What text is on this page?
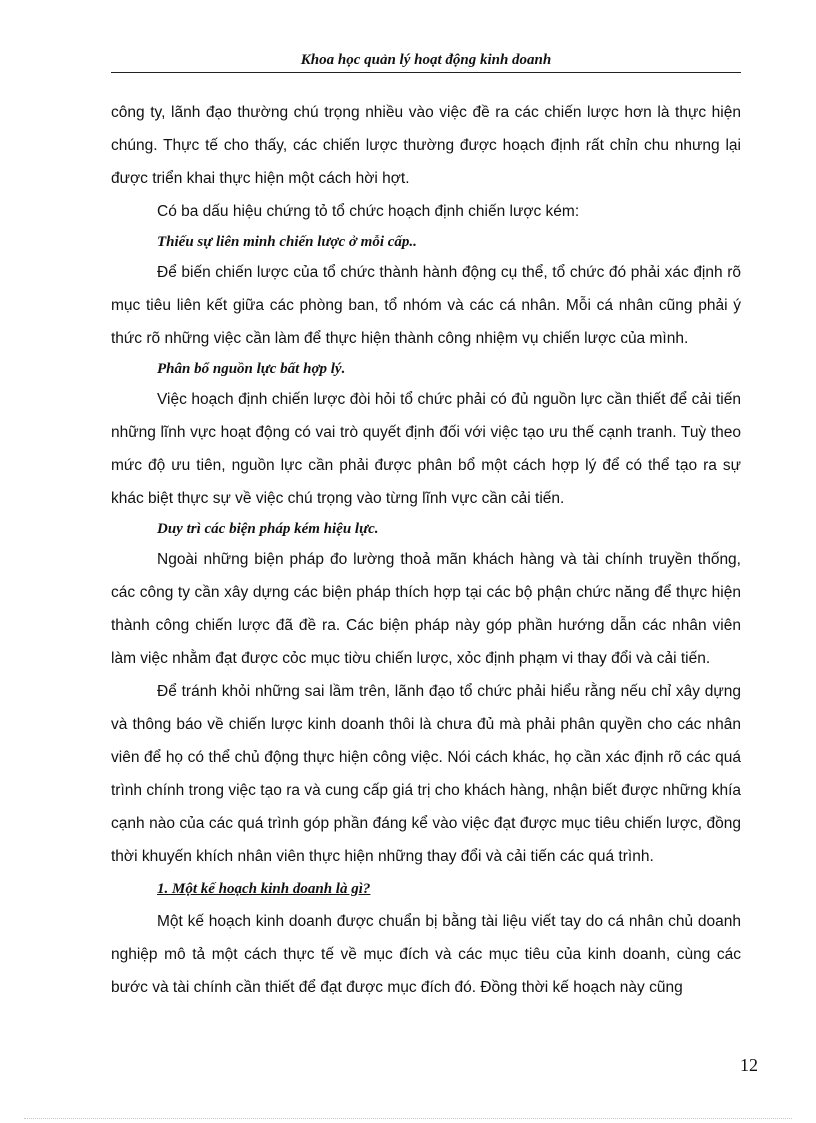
Khoa học quản lý hoạt động kinh doanh

công ty, lãnh đạo thường chú trọng nhiều vào việc đề ra các chiến lược hơn là thực hiện chúng. Thực tế cho thấy, các chiến lược thường được hoạch định rất chỉn chu nhưng lại được triển khai thực hiện một cách hời hợt.

Có ba dấu hiệu chứng tỏ tổ chức hoạch định chiến lược kém:

Thiếu sự liên minh chiến lược ở mỗi cấp..

Để biến chiến lược của tổ chức thành hành động cụ thể, tổ chức đó phải xác định rõ mục tiêu liên kết giữa các phòng ban, tổ nhóm và các cá nhân. Mỗi cá nhân cũng phải ý thức rõ những việc cần làm để thực hiện thành công nhiệm vụ chiến lược của mình.

Phân bổ nguồn lực bất hợp lý.

Việc hoạch định chiến lược đòi hỏi tổ chức phải có đủ nguồn lực cần thiết để cải tiến những lĩnh vực hoạt động có vai trò quyết định đối với việc tạo ưu thế cạnh tranh. Tuỳ theo mức độ ưu tiên, nguồn lực cần phải được phân bổ một cách hợp lý để có thể tạo ra sự khác biệt thực sự về việc chú trọng vào từng lĩnh vực cần cải tiến.

Duy trì các biện pháp kém hiệu lực.

Ngoài những biện pháp đo lường thoả mãn khách hàng và tài chính truyền thống, các công ty cần xây dựng các biện pháp thích hợp tại các bộ phận chức năng để thực hiện thành công chiến lược đã đề ra. Các biện pháp này góp phần hướng dẫn các nhân viên làm việc nhằm đạt được cỏc mục tiờu chiến lược, xỏc định phạm vi thay đổi và cải tiến.

Để tránh khỏi những sai lầm trên, lãnh đạo tổ chức phải hiểu rằng nếu chỉ xây dựng và thông báo về chiến lược kinh doanh thôi là chưa đủ mà phải phân quyền cho các nhân viên để họ có thể chủ động thực hiện công việc. Nói cách khác, họ cần xác định rõ các quá trình chính trong việc tạo ra và cung cấp giá trị cho khách hàng, nhận biết được những khía cạnh nào của các quá trình góp phần đáng kể vào việc đạt được mục tiêu chiến lược, đồng thời khuyến khích nhân viên thực hiện những thay đổi và cải tiến các quá trình.

1. Một kế hoạch kinh doanh là gì?

Một kế hoạch kinh doanh được chuẩn bị bằng tài liệu viết tay do cá nhân chủ doanh nghiệp mô tả một cách thực tế về mục đích và các mục tiêu của kinh doanh, cùng các bước và tài chính cần thiết để đạt được mục đích đó. Đồng thời kế hoạch này cũng

12
